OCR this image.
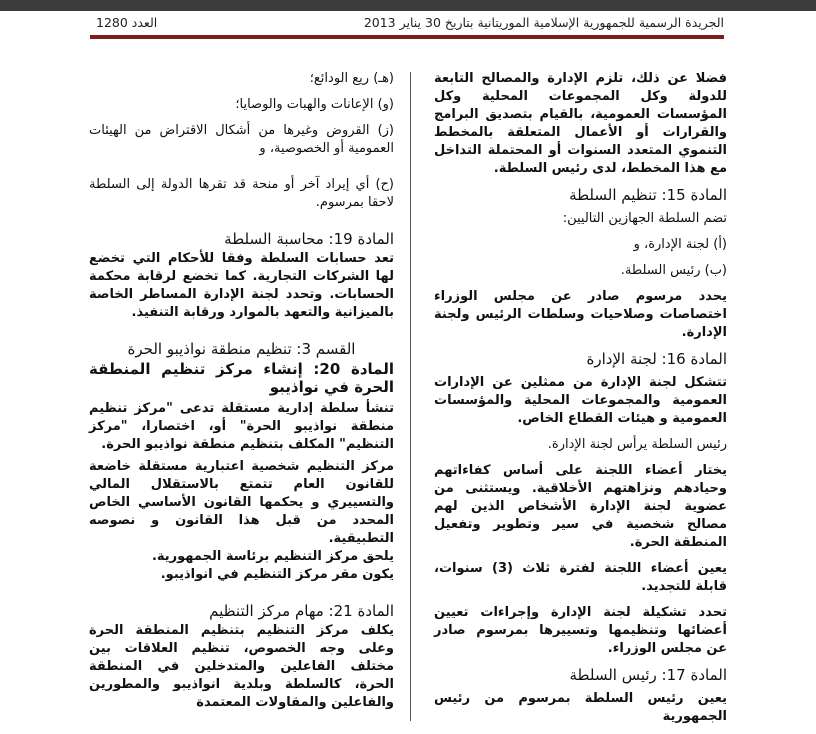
العدد 1280	الجريدة الرسمية للجمهورية الإسلامية الموريتانية بتاريخ 30 يناير 2013

فضلا عن ذلك، تلزم الإدارة والمصالح التابعة للدولة وكل المجموعات المحلية وكل المؤسسات العمومية، بالقيام بتصديق البرامج والقرارات أو الأعمال المتعلقة بالمخطط التنموي المتعدد السنوات أو المحتملة التداخل مع هذا المخطط، لدى رئيس السلطة.

المادة 15: تنظيم السلطة

تضم السلطة الجهازين التاليين:

(أ) لجنة الإدارة، و

(ب) رئيس السلطة.

يحدد مرسوم صادر عن مجلس الوزراء اختصاصات وصلاحيات وسلطات الرئيس ولجنة الإدارة.

المادة 16: لجنة الإدارة

تتشكل لجنة الإدارة من ممثلين عن الإدارات العمومية والمجموعات المحلية والمؤسسات العمومية و هيئات القطاع الخاص.

رئيس السلطة يرأس لجنة الإدارة.

يختار أعضاء اللجنة على أساس كفاءاتهم وحيادهم ونزاهتهم الأخلاقية. ويستثنى من عضوية لجنة الإدارة الأشخاص الذين لهم مصالح شخصية في سير وتطوير وتفعيل المنطقة الحرة.

يعين أعضاء اللجنة لفترة ثلاث (3) سنوات، قابلة للتجديد.

تحدد تشكيلة لجنة الإدارة وإجراءات تعيين أعضائها وتنظيمها وتسييرها بمرسوم صادر عن مجلس الوزراء.

المادة 17: رئيس السلطة

يعين رئيس السلطة بمرسوم من رئيس الجمهورية

(هـ) ريع الودائع؛

(و) الإعانات والهبات والوصايا؛

(ز) القروض وغيرها من أشكال الاقتراض من الهيئات العمومية أو الخصوصية، و

(ح) أي إيراد آخر أو منحة قد تقرها الدولة إلى السلطة لاحقا بمرسوم.

المادة 19: محاسبة السلطة

تعد حسابات السلطة وفقا للأحكام التي تخضع لها الشركات التجارية. كما تخضع لرقابة محكمة الحسابات. وتحدد لجنة الإدارة المساطر الخاصة بالميزانية والتعهد بالموارد ورقابة التنفيذ.

القسم 3: تنظيم منطقة نواذيبو الحرة

المادة 20: إنشاء مركز تنظيم المنطقة الحرة في نواذيبو

تنشأ سلطة إدارية مستقلة تدعى "مركز تنظيم منطقة نواذيبو الحرة" أو، اختصارا، "مركز التنظيم" المكلف بتنظيم منطقة نواذيبو الحرة.

مركز التنظيم شخصية اعتبارية مستقلة خاضعة للقانون العام تتمتع بالاستقلال المالي والتسييري و يحكمها القانون الأساسي الخاص المحدد من قبل هذا القانون و نصوصه التطبيقية.

يلحق مركز التنظيم برئاسة الجمهورية.

يكون مقر مركز التنظيم في انواذيبو.

المادة 21: مهام مركز التنظيم

يكلف مركز التنظيم بتنظيم المنطقة الحرة وعلى وجه الخصوص، تنظيم العلاقات بين مختلف الفاعلين والمتدخلين في المنطقة الحرة، كالسلطة وبلدية انواذيبو والمطورين والفاعلين والمقاولات المعتمدة
